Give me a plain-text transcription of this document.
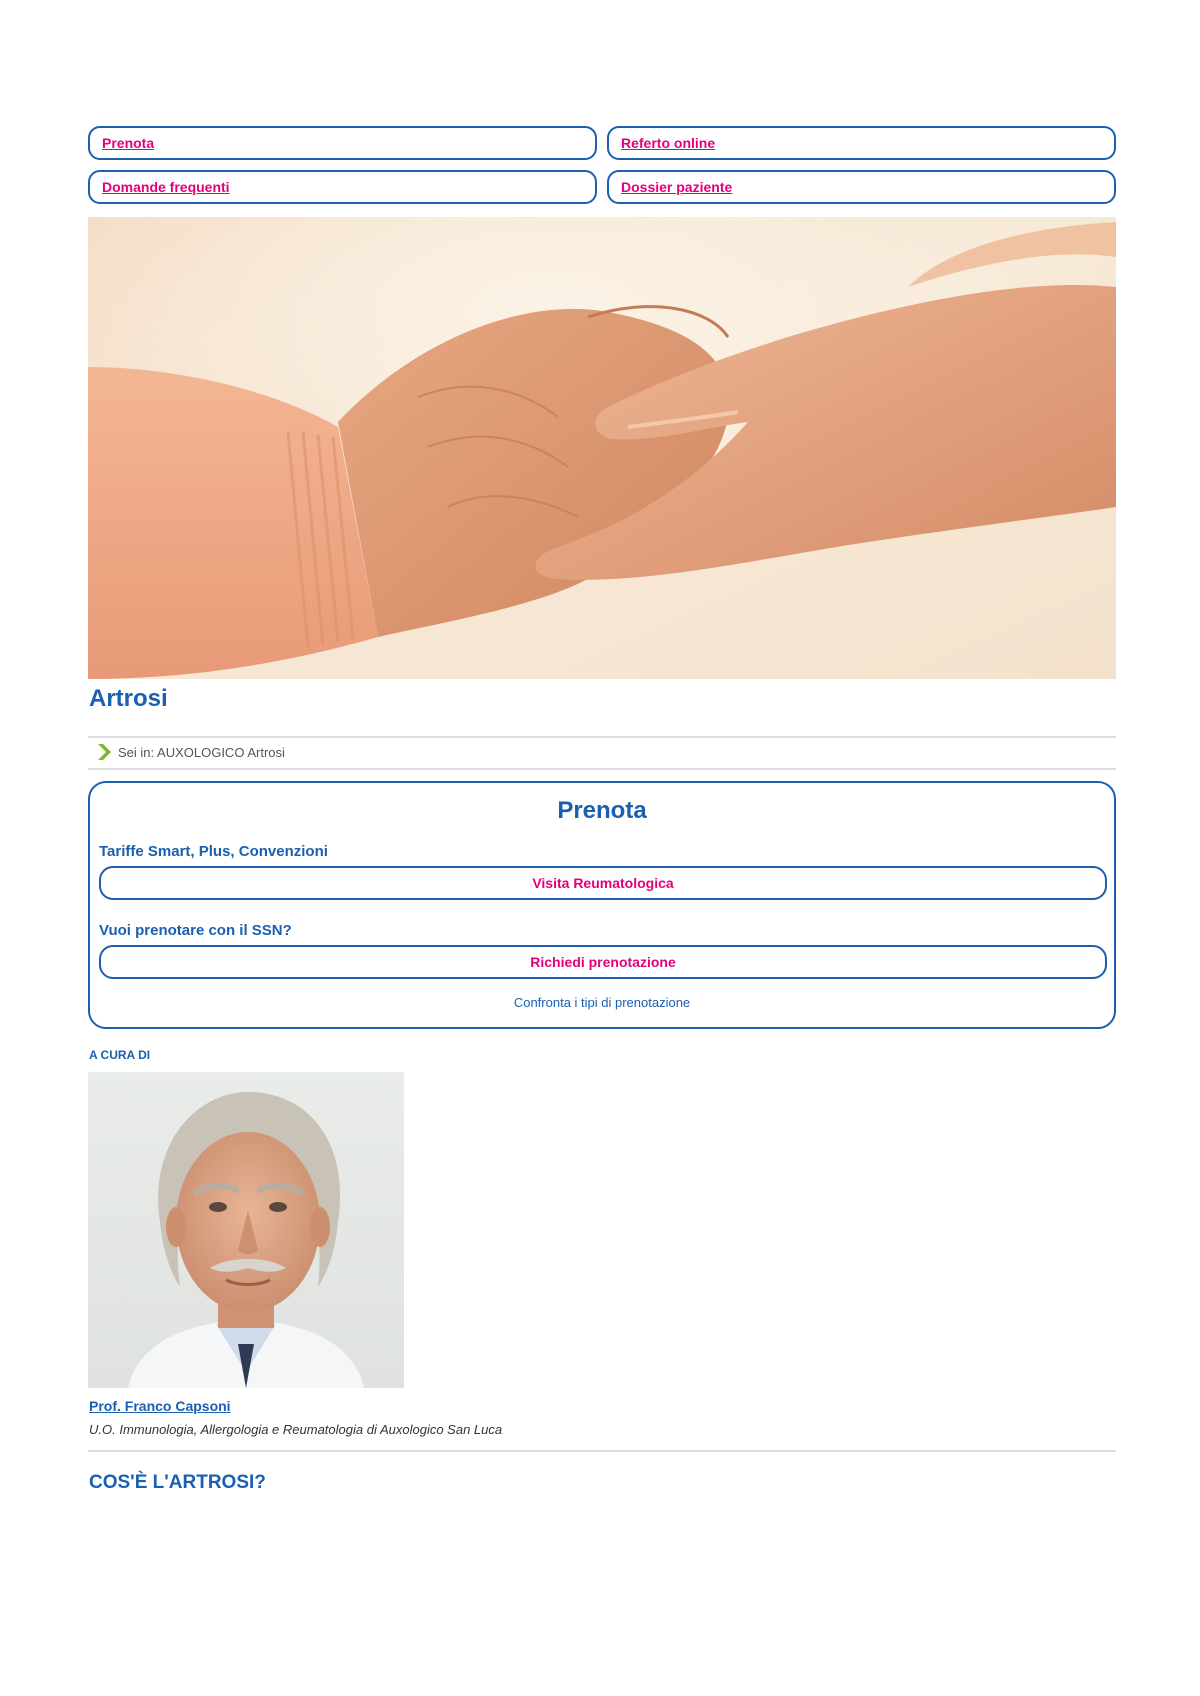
Prenota	Referto online
Domande frequenti	Dossier paziente
Artrosi
Sei in: AUXOLOGICO Artrosi
Prenota
Tariffe Smart, Plus, Convenzioni
Visita Reumatologica
Vuoi prenotare con il SSN?
Richiedi prenotazione
Confronta i tipi di prenotazione
A CURA DI
Prof. Franco Capsoni
U.O. Immunologia, Allergologia e Reumatologia di Auxologico San Luca
COS'È L'ARTROSI?
